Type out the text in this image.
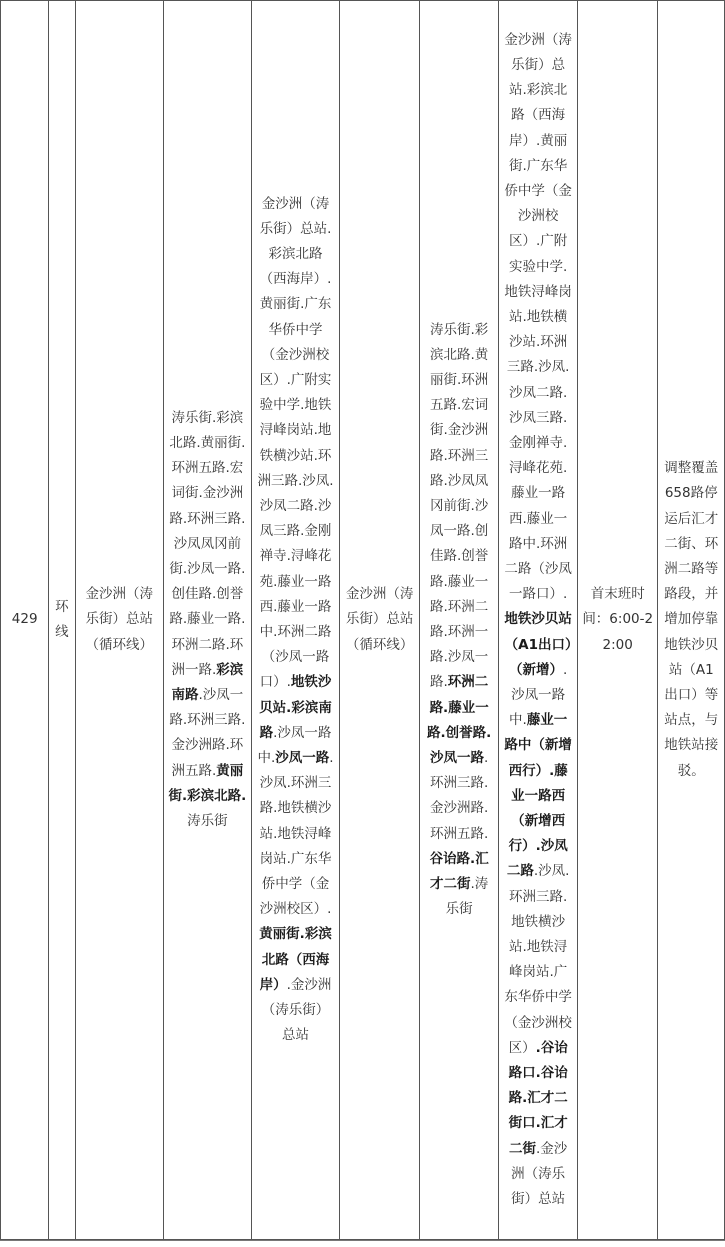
429

环线

金沙洲（涛乐街）总站（循环线）

涛乐街.彩滨北路.黄丽街.环洲五路.宏词街.金沙洲路.环洲三路.沙凤凤冈前街.沙凤一路.创佳路.创誉路.藤业一路.环洲二路.环洲一路.彩滨南路.沙凤一路.环洲三路.金沙洲路.环洲五路.黄丽街.彩滨北路.涛乐街

金沙洲（涛乐街）总站.彩滨北路（西海岸）.黄丽街.广东华侨中学（金沙洲校区）.广附实验中学.地铁浔峰岗站.地铁横沙站.环洲三路.沙凤.沙凤二路.沙凤三路.金刚禅寺.浔峰花苑.藤业一路西.藤业一路中.环洲二路（沙凤一路口）.地铁沙贝站.彩滨南路.沙凤一路中.沙凤一路.沙凤.环洲三路.地铁横沙站.地铁浔峰岗站.广东华侨中学（金沙洲校区）.黄丽街.彩滨北路（西海岸）.金沙洲（涛乐街）总站

金沙洲（涛乐街）总站（循环线）

涛乐街.彩滨北路.黄丽街.环洲五路.宏词街.金沙洲路.环洲三路.沙凤凤冈前街.沙凤一路.创佳路.创誉路.藤业一路.环洲二路.环洲一路.沙凤一路.环洲二路.藤业一路.创誉路.沙凤一路.环洲三路.金沙洲路.环洲五路.谷诒路.汇才二街.涛乐街

金沙洲（涛乐街）总站.彩滨北路（西海岸）.黄丽街.广东华侨中学（金沙洲校区）.广附实验中学.地铁浔峰岗站.地铁横沙站.环洲三路.沙凤.沙凤二路.沙凤三路.金刚禅寺.浔峰花苑.藤业一路西.藤业一路中.环洲二路（沙凤一路口）.地铁沙贝站（A1出口）（新增）.沙凤一路中.藤业一路中（新增西行）.藤业一路西（新增西行）.沙凤二路.沙凤.环洲三路.地铁横沙站.地铁浔峰岗站.广东华侨中学（金沙洲校区）.谷诒路口.谷诒路.汇才二街口.汇才二街.金沙洲（涛乐街）总站

首末班时间：6:00-22:00

调整覆盖658路停运后汇才二街、环洲二路等路段，并增加停靠地铁沙贝站（A1出口）等站点，与地铁站接驳。
